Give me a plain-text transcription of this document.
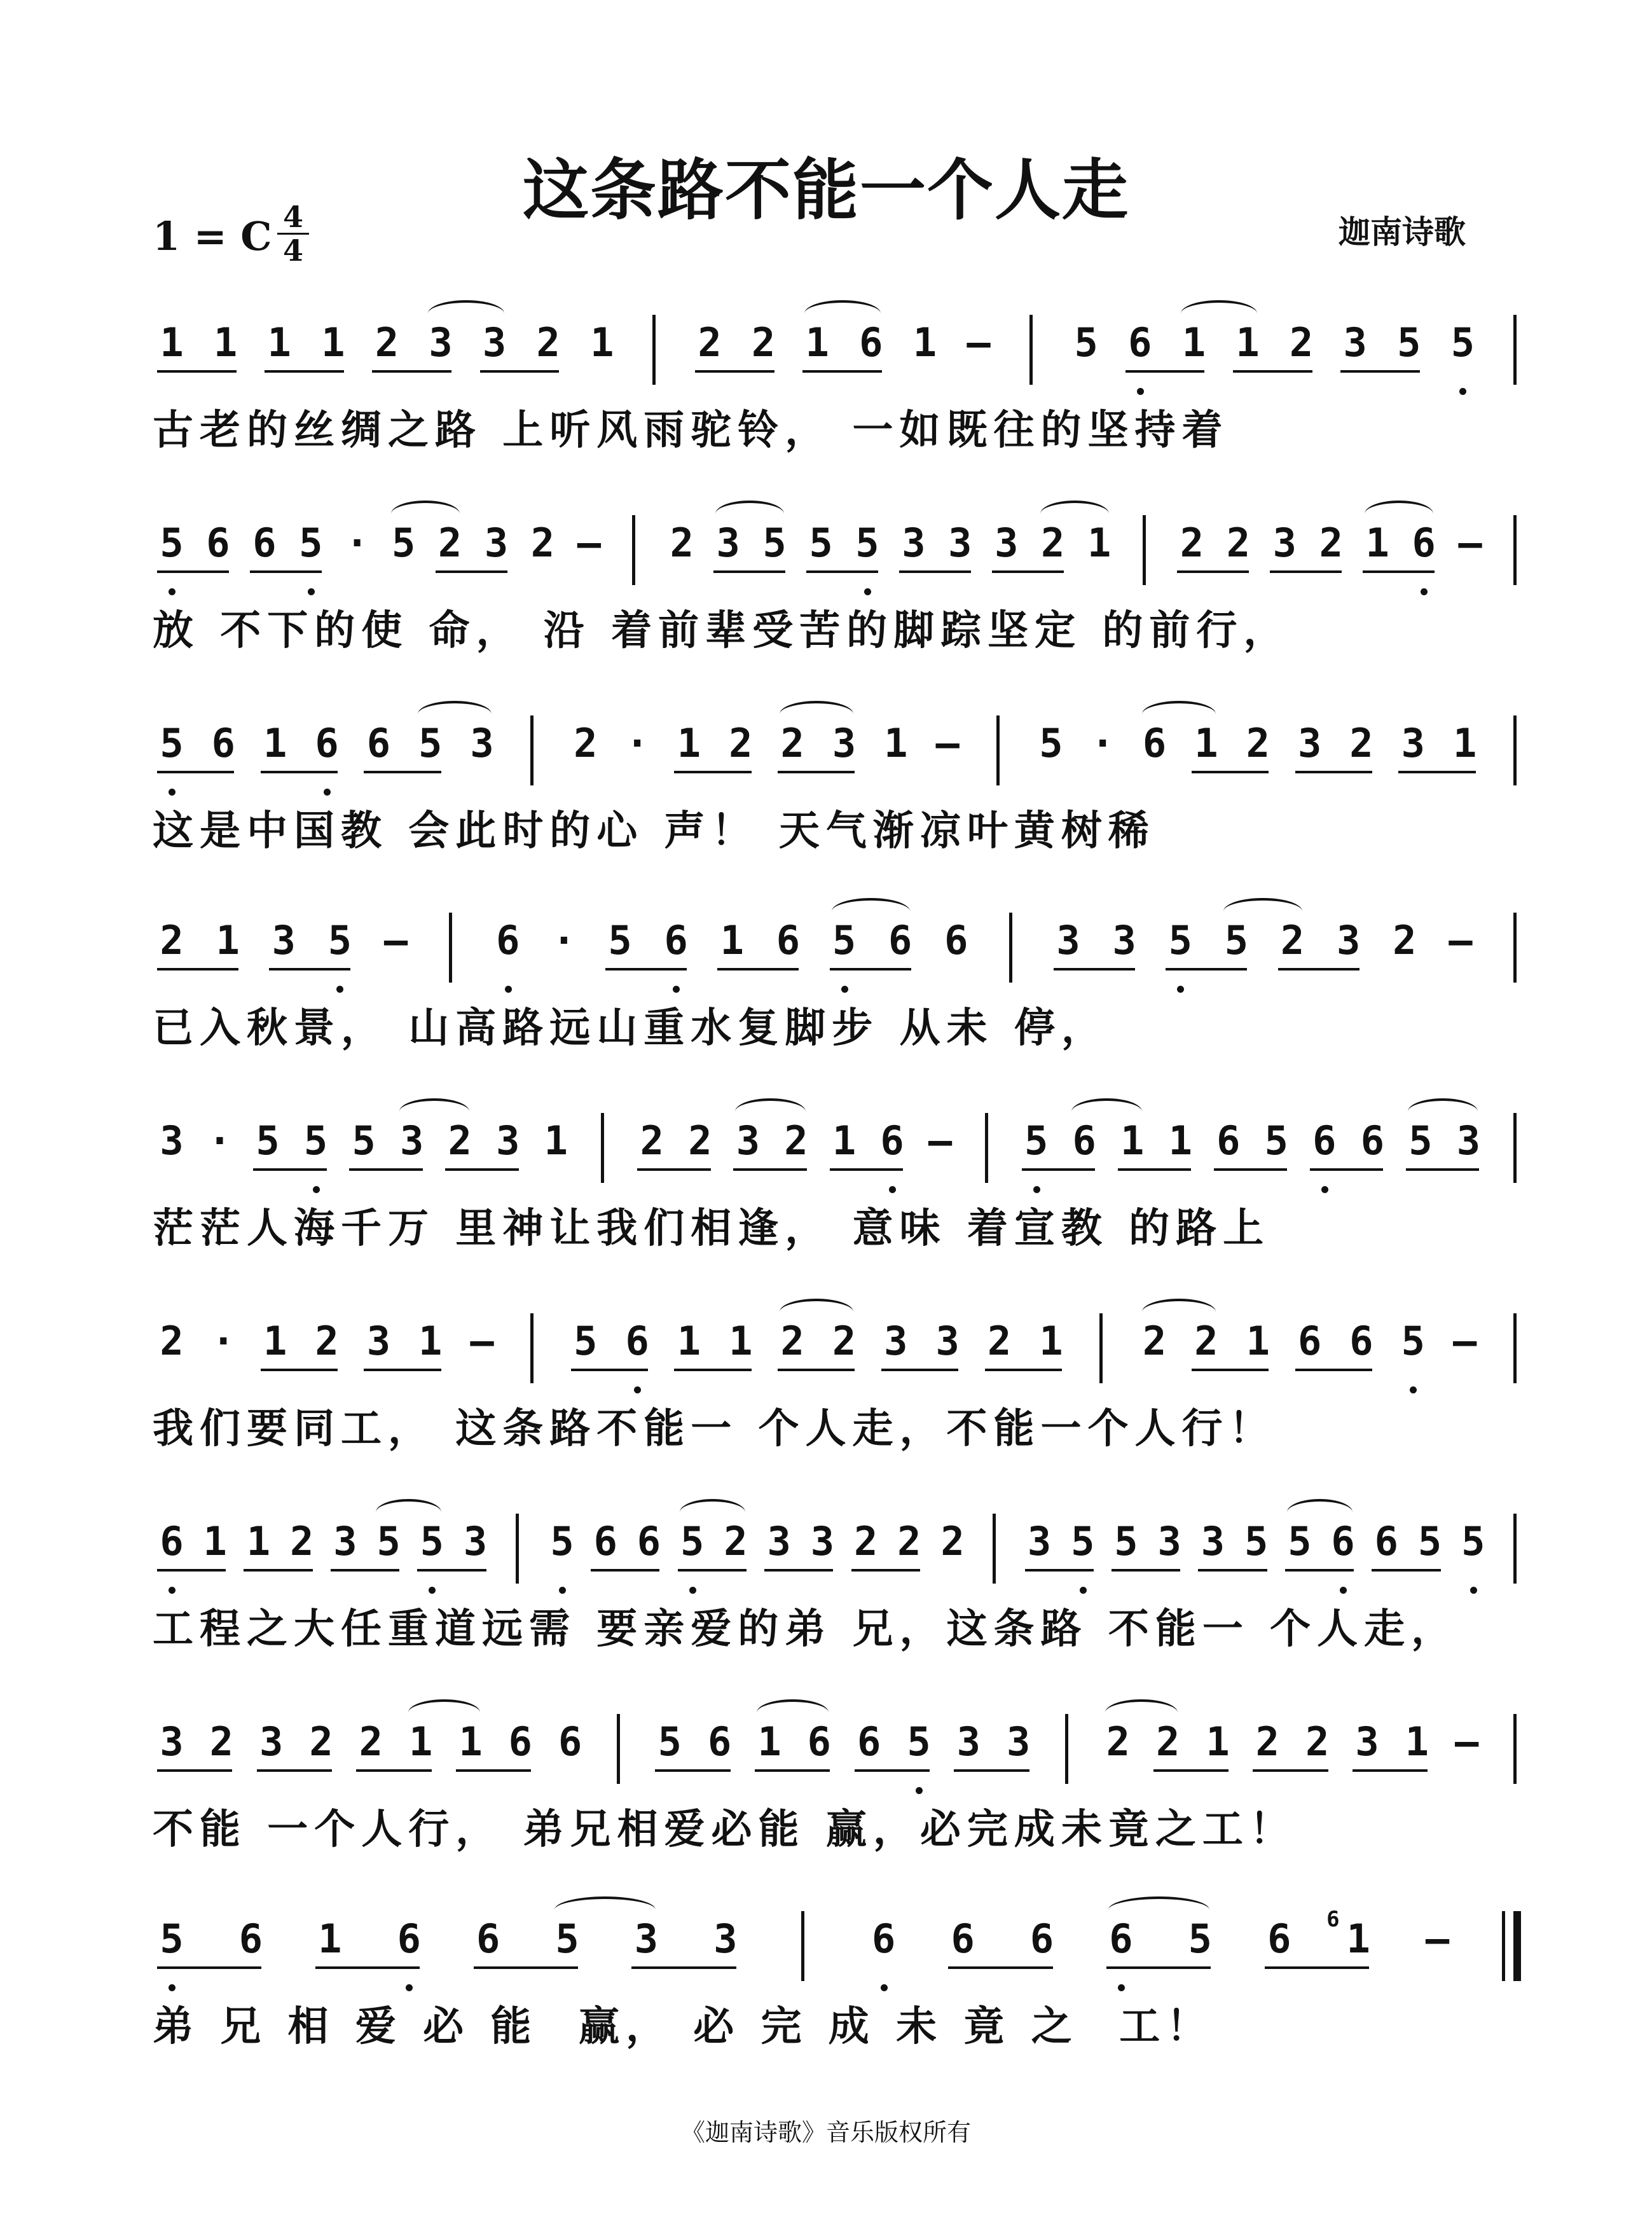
这条路不能一个人走
1 = C 4
4	迦南诗歌
1 1 1 1 2 3 3 2 1 2 2 1 6 1 – 5 6 1 1 2 3 5 5
古老的丝绸之路 上听风雨驼铃， 一如既往的坚持着
5 6 6 5 · 5 2 3 2 – 2 3 5 5 5 3 3 3 2 1 2 2 3 2 1 6 –
放 不下的使 命， 沿 着前辈受苦的脚踪坚定 的前行，
5 6 1 6 6 5 3 2 · 1 2 2 3 1 – 5 · 6 1 2 3 2 3 1
这是中国教 会此时的心 声！ 天气渐凉叶黄树稀
2 1 3 5 – 6 · 5 6 1 6 5 6 6 3 3 5 5 2 3 2 –
已入秋景， 山高路远山重水复脚步 从未 停，
3 · 5 5 5 3 2 3 1 2 2 3 2 1 6 – 5 6 1 1 6 5 6 6 5 3
茫茫人海千万 里神让我们相逢， 意味 着宣教 的路上
2 · 1 2 3 1 – 5 6 1 1 2 2 3 3 2 1 2 2 1 6 6 5 –
我们要同工， 这条路不能一 个人走，不能一个人行！
6 1 1 2 3 5 5 3 5 6 6 5 2 3 3 2 2 2 3 5 5 3 3 5 5 6 6 5 5
工程之大任重道远需 要亲爱的弟 兄，这条路 不能一 个人走，
3 2 3 2 2 1 1 6 6 5 6 1 6 6 5 3 3 2 2 1 2 2 3 1 –
不能 一个人行， 弟兄相爱必能 赢，必完成未竟之工！
5 6 1 6 6 5 3 3	6 6 6 6 5 6 1 –
6
弟 兄 相 爱 必 能  赢， 必 完 成 未 竟 之  工！
《迦南诗歌》音乐版权所有
